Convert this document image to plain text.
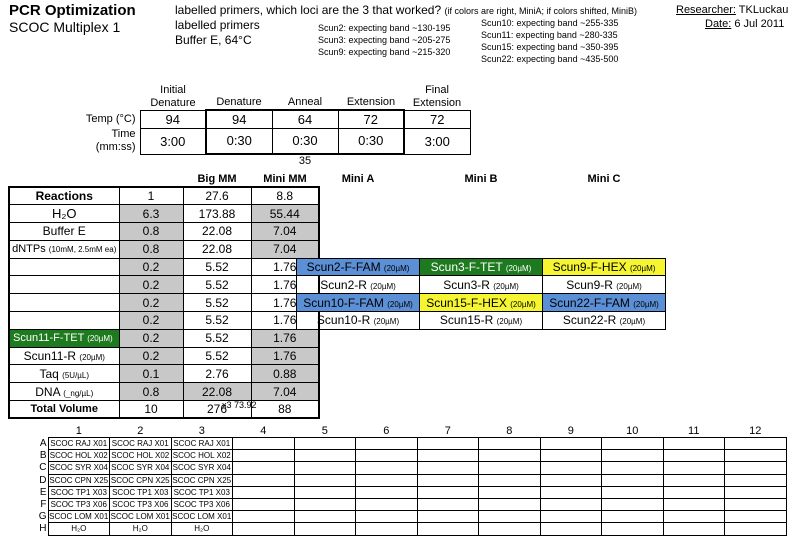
PCR Optimization
SCOC Multiplex 1
labelled primers, which loci are the 3 that worked? (if colors are right, MiniA; if colors shifted, MiniB)
labelled primers
Buffer E, 64°C
Scun2: expecting band ~130-195
Scun3: expecting band ~205-275
Scun9: expecting band ~215-320
Scun10: expecting band ~255-335
Scun11: expecting band ~280-335
Scun15: expecting band ~350-395
Scun22: expecting band ~435-500
Researcher: TKLuckau
Date: 6 Jul 2011
	Initial
Denature	Denature	Anneal	Extension	Final
Extension
Temp (°C)	94	94	64	72	72
Time (mm:ss)	3:00	0:30	0:30	0:30	3:00
			35		
		Big MM	Mini MM
Reactions	1	27.6	8.8
H₂O	6.3	173.88	55.44
Buffer E	0.8	22.08	7.04
dNTPs (10mM, 2.5mM ea)	0.8	22.08	7.04
	0.2	5.52	1.76
	0.2	5.52	1.76
	0.2	5.52	1.76
	0.2	5.52	1.76
Scun11-F-TET (20µM)	0.2	5.52	1.76
Scun11-R (20µM)	0.2	5.52	1.76
Taq (5U/µL)	0.1	2.76	0.88
DNA (_ng/µL)	0.8	22.08	7.04
Total Volume	10	276	88
x3 73.92
Mini A	Mini B	Mini C

Scun2-F-FAM (20µM)	Scun3-F-TET (20µM)	Scun9-F-HEX (20µM)
Scun2-R (20µM)	Scun3-R (20µM)	Scun9-R (20µM)
Scun10-F-FAM (20µM)	Scun15-F-HEX (20µM)	Scun22-F-FAM (20µM)
Scun10-R (20µM)	Scun15-R (20µM)	Scun22-R (20µM)
	1	2	3	4	5	6	7	8	9	10	11	12
A	SCOC RAJ X01	SCOC RAJ X01	SCOC RAJ X01									
B	SCOC HOL X02	SCOC HOL X02	SCOC HOL X02									
C	SCOC SYR X04	SCOC SYR X04	SCOC SYR X04									
D	SCOC CPN X25	SCOC CPN X25	SCOC CPN X25									
E	SCOC TP1 X03	SCOC TP1 X03	SCOC TP1 X03									
F	SCOC TP3 X06	SCOC TP3 X06	SCOC TP3 X06									
G	SCOC LOM X01	SCOC LOM X01	SCOC LOM X01									
H	H₂O	H₂O	H₂O									
